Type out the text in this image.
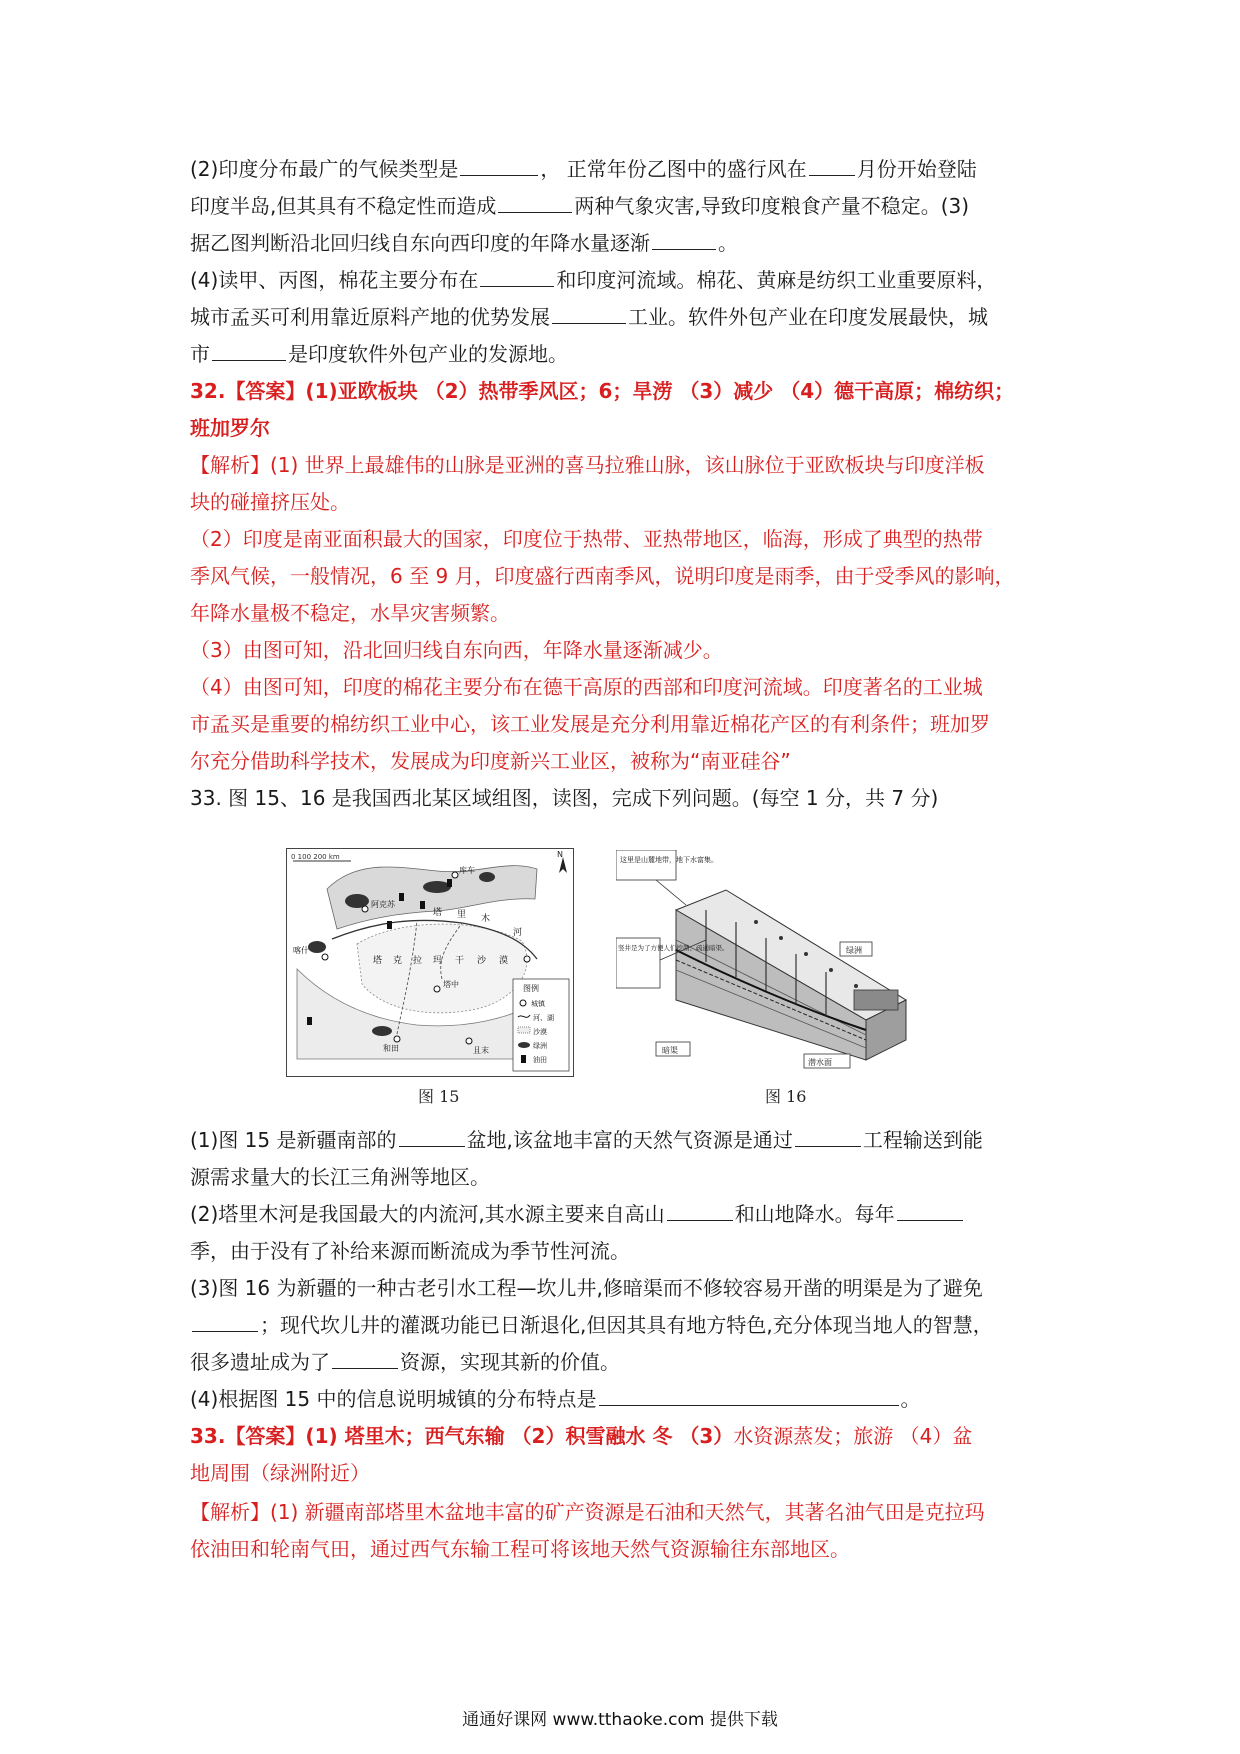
(2)印度分布最广的气候类型是	， 正常年份乙图中的盛行风在	月份开始登陆
印度半岛,但其具有不稳定性而造成	两种气象灾害,导致印度粮食产量不稳定。(3)
据乙图判断沿北回归线自东向西印度的年降水量逐渐	。
(4)读甲、丙图，棉花主要分布在	和印度河流域。棉花、黄麻是纺织工业重要原料，
城市孟买可利用靠近原料产地的优势发展	工业。软件外包产业在印度发展最快，城
市	是印度软件外包产业的发源地。
32.【答案】(1)亚欧板块 （2）热带季风区；6；旱涝 （3）减少 （4）德干高原；棉纺织；
班加罗尔
【解析】(1) 世界上最雄伟的山脉是亚洲的喜马拉雅山脉，该山脉位于亚欧板块与印度洋板
块的碰撞挤压处。
（2）印度是南亚面积最大的国家，印度位于热带、亚热带地区，临海，形成了典型的热带
季风气候，一般情况，6 至 9 月，印度盛行西南季风，说明印度是雨季，由于受季风的影响，
年降水量极不稳定，水旱灾害频繁。
（3）由图可知，沿北回归线自东向西，年降水量逐渐减少。
（4）由图可知，印度的棉花主要分布在德干高原的西部和印度河流域。印度著名的工业城
市孟买是重要的棉纺织工业中心，该工业发展是充分利用靠近棉花产区的有利条件；班加罗
尔充分借助科学技术，发展成为印度新兴工业区，被称为“南亚硅谷”
33. 图 15、16 是我国西北某区域组图，读图，完成下列问题。(每空 1 分，共 7 分)
0 100 200 km	N
阿克苏
库车
喀什
和田	且末
塔中
塔 里 木
河
塔 克 拉 玛 干 沙 漠
图例
城镇
河、湖
沙漠
绿洲
油田
图 15
这里是山麓地带，地下水富集。
竖井是为了方便人们挖凿、疏通暗渠。	绿洲
暗渠
潜水面
图 16
(1)图 15 是新疆南部的	盆地,该盆地丰富的天然气资源是通过	工程输送到能
源需求量大的长江三角洲等地区。
(2)塔里木河是我国最大的内流河,其水源主要来自高山	和山地降水。每年
季，由于没有了补给来源而断流成为季节性河流。
(3)图 16 为新疆的一种古老引水工程—坎儿井,修暗渠而不修较容易开凿的明渠是为了避免
；现代坎儿井的灌溉功能已日渐退化,但因其具有地方特色,充分体现当地人的智慧，
很多遗址成为了	资源，实现其新的价值。
(4)根据图 15 中的信息说明城镇的分布特点是	。
33.【答案】(1) 塔里木；西气东输 （2）积雪融水 冬 （3）水资源蒸发；旅游 （4）盆
地周围（绿洲附近）
【解析】(1) 新疆南部塔里木盆地丰富的矿产资源是石油和天然气，其著名油气田是克拉玛
依油田和轮南气田，通过西气东输工程可将该地天然气资源输往东部地区。
通通好课网 www.tthaoke.com 提供下载
